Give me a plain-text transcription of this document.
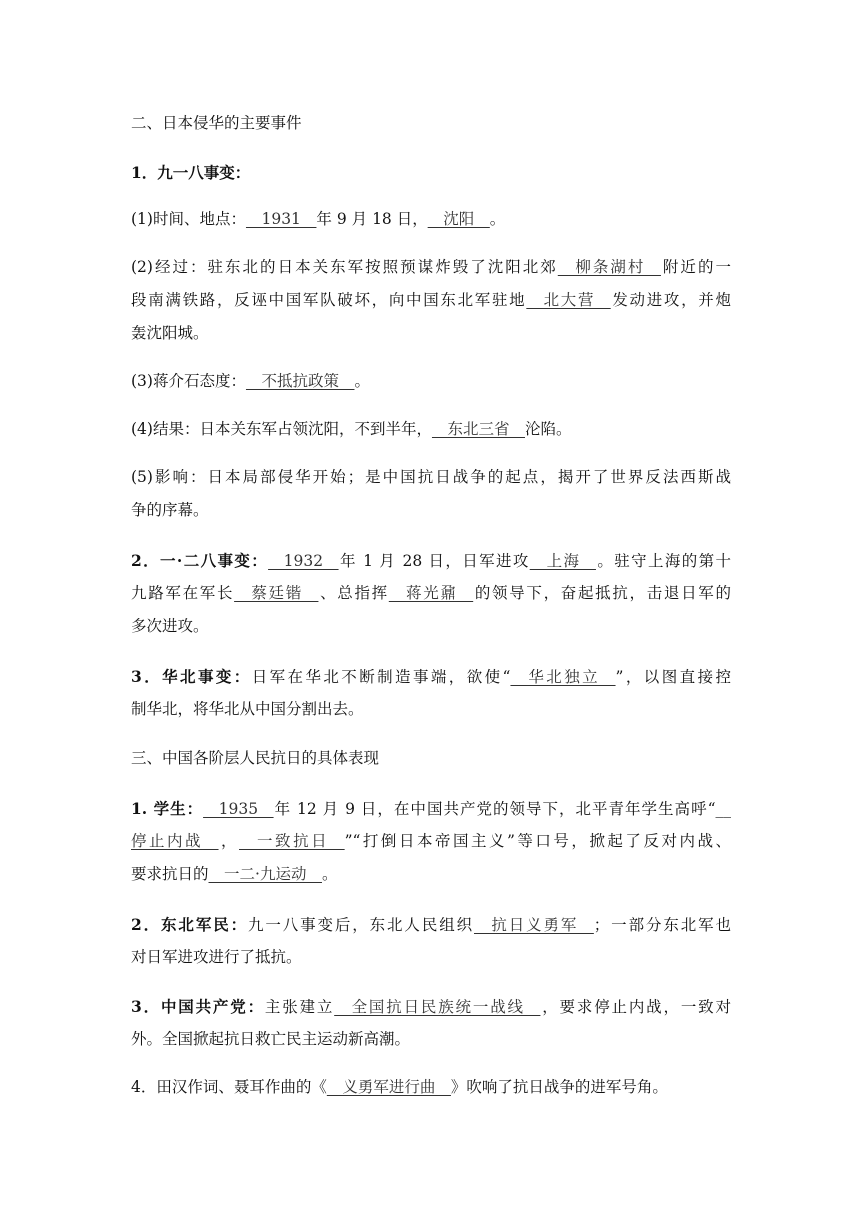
二、日本侵华的主要事件

1．九一八事变：

(1)时间、地点：__1931__年 9 月 18 日，__沈阳__。

(2)经过：驻东北的日本关东军按照预谋炸毁了沈阳北郊__柳条湖村__附近的一

段南满铁路，反诬中国军队破坏，向中国东北军驻地__北大营__发动进攻，并炮

轰沈阳城。

(3)蒋介石态度：__不抵抗政策__。

(4)结果：日本关东军占领沈阳，不到半年，__东北三省__沦陷。

(5)影响：日本局部侵华开始；是中国抗日战争的起点，揭开了世界反法西斯战

争的序幕。

2．一·二八事变：__1932__年 1 月 28 日，日军进攻__上海__。驻守上海的第十

九路军在军长__蔡廷锴__、总指挥__蒋光鼐__的领导下，奋起抵抗，击退日军的

多次进攻。

3．华北事变：日军在华北不断制造事端，欲使“__华北独立__”，以图直接控

制华北，将华北从中国分割出去。

三、中国各阶层人民抗日的具体表现

1. 学生：__1935__年 12 月 9 日，在中国共产党的领导下，北平青年学生高呼“__

停止内战__，__一致抗日__”“打倒日本帝国主义”等口号，掀起了反对内战、

要求抗日的__一二·九运动__。

2．东北军民：九一八事变后，东北人民组织__抗日义勇军__；一部分东北军也

对日军进攻进行了抵抗。

3．中国共产党：主张建立__全国抗日民族统一战线__，要求停止内战，一致对

外。全国掀起抗日救亡民主运动新高潮。

4．田汉作词、聂耳作曲的《__义勇军进行曲__》吹响了抗日战争的进军号角。
